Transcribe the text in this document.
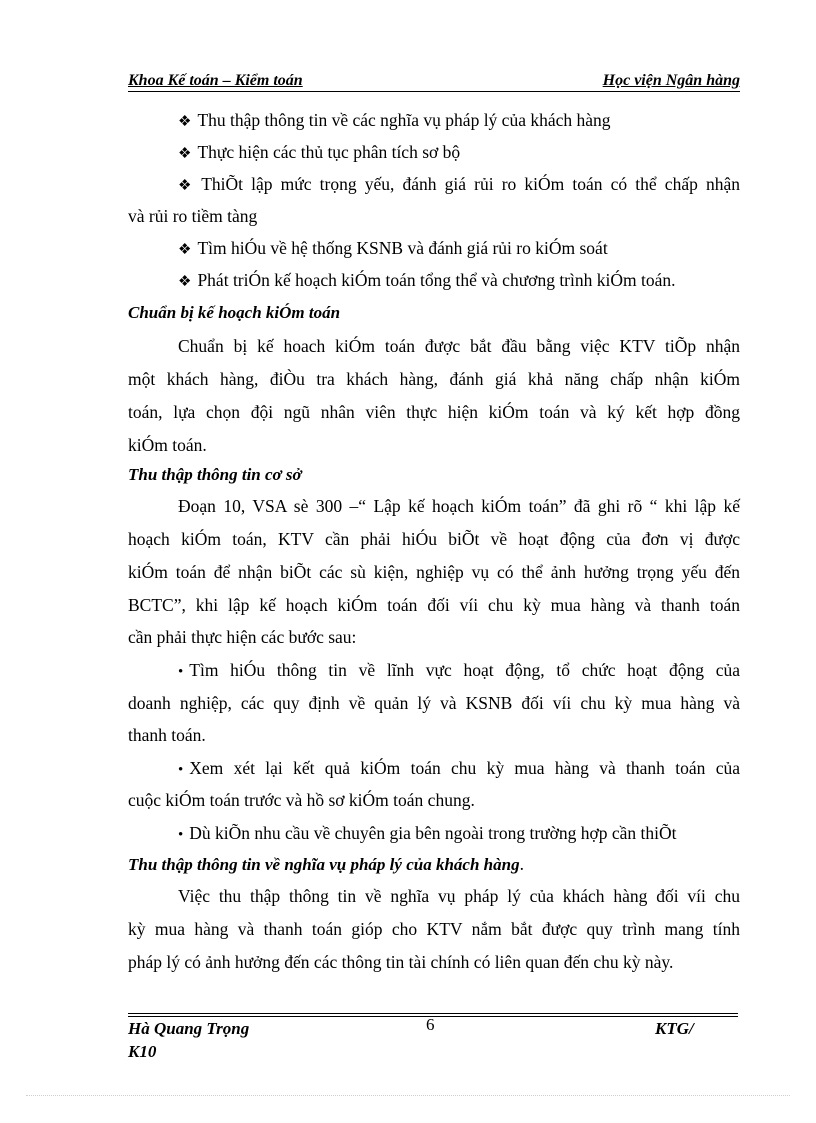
Khoa Kế toán – Kiểm toán	Học viện Ngân hàng
❖ Thu thập thông tin về các nghĩa vụ pháp lý của khách hàng
❖ Thực hiện các thủ tục phân tích sơ bộ
❖ ThiÕt lập mức trọng yếu, đánh giá rủi ro kiÓm toán có thể chấp nhận
và rủi ro tiềm tàng
❖ Tìm hiÓu về hệ thống KSNB và đánh giá rủi ro kiÓm soát
❖ Phát triÓn kế hoạch kiÓm toán tổng thể và chương trình kiÓm toán.
Chuẩn bị kế hoạch kiÓm toán
Chuẩn bị kế hoach kiÓm toán được bắt đầu bằng việc KTV tiÕp nhận
một khách hàng, điÒu tra khách hàng, đánh giá khả năng chấp nhận kiÓm
toán, lựa chọn đội ngũ nhân viên thực hiện kiÓm toán và ký kết hợp đồng
kiÓm toán.
Thu thập thông tin cơ sở
Đoạn 10, VSA sè 300 –“ Lập kế hoạch kiÓm toán” đã ghi rõ “ khi lập kế
hoạch kiÓm toán, KTV cần phải hiÓu biÕt về hoạt động của đơn vị được
kiÓm toán để nhận biÕt các sù kiện, nghiệp vụ có thể ảnh hưởng trọng yếu đến
BCTC”, khi lập kế hoạch kiÓm toán đối víi chu kỳ mua hàng và thanh toán
cần phải thực hiện các bước sau:
• Tìm hiÓu thông tin về lĩnh vực hoạt động, tổ chức hoạt động của
doanh nghiệp, các quy định về quản lý và KSNB đối víi chu kỳ mua hàng và
thanh toán.
• Xem xét lại kết quả kiÓm toán chu kỳ mua hàng và thanh toán của
cuộc kiÓm toán trước và hồ sơ kiÓm toán chung.
• Dù kiÕn nhu cầu về chuyên gia bên ngoài trong trường hợp cần thiÕt
Thu thập thông tin về nghĩa vụ pháp lý của khách hàng.
Việc thu thập thông tin về nghĩa vụ pháp lý của khách hàng đối víi chu
kỳ mua hàng và thanh toán gióp cho KTV nắm bắt được quy trình mang tính
pháp lý có ảnh hưởng đến các thông tin tài chính có liên quan đến chu kỳ này.
Hà Quang Trọng	6	KTG/
K10
